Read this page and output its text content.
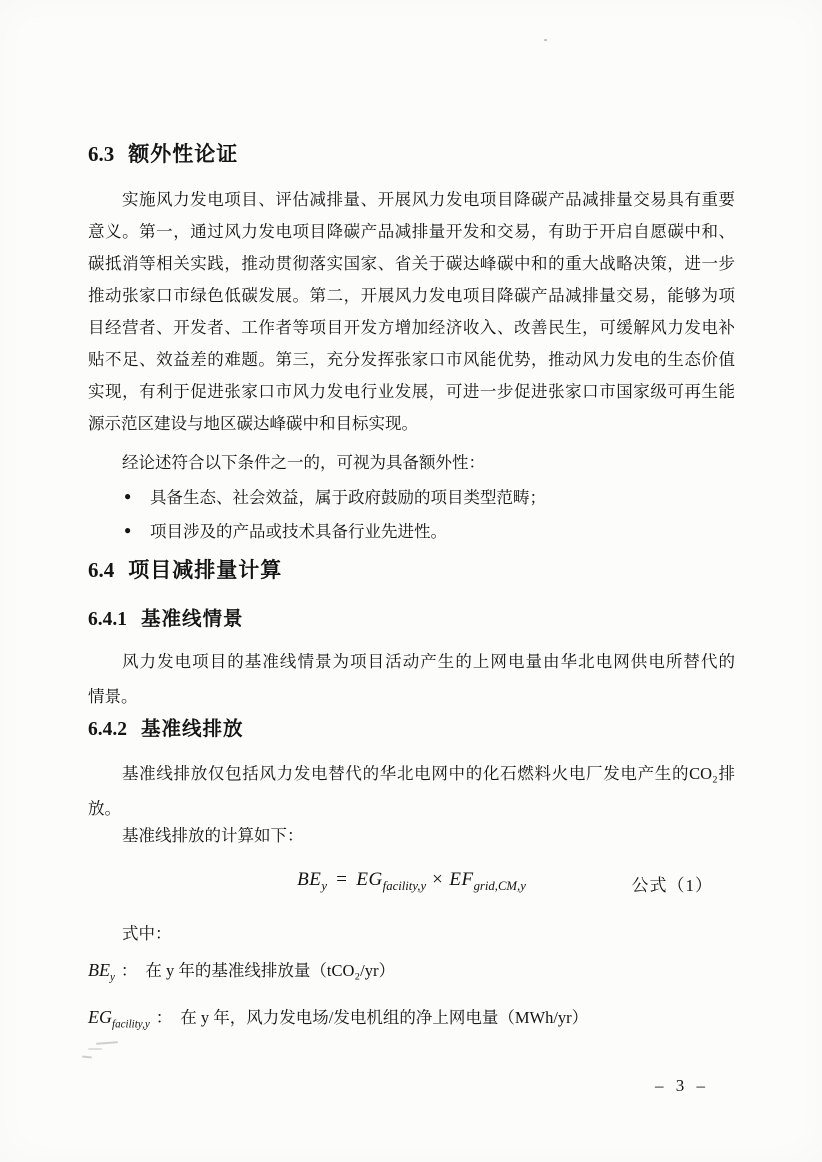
6.3 额外性论证
实施风力发电项目、评估减排量、开展风力发电项目降碳产品减排量交易具有重要
意义。第一，通过风力发电项目降碳产品减排量开发和交易，有助于开启自愿碳中和、
碳抵消等相关实践，推动贯彻落实国家、省关于碳达峰碳中和的重大战略决策，进一步
推动张家口市绿色低碳发展。第二，开展风力发电项目降碳产品减排量交易，能够为项
目经营者、开发者、工作者等项目开发方增加经济收入、改善民生，可缓解风力发电补
贴不足、效益差的难题。第三，充分发挥张家口市风能优势，推动风力发电的生态价值
实现，有利于促进张家口市风力发电行业发展，可进一步促进张家口市国家级可再生能
源示范区建设与地区碳达峰碳中和目标实现。
经论述符合以下条件之一的，可视为具备额外性：
●	具备生态、社会效益，属于政府鼓励的项目类型范畴；
●	项目涉及的产品或技术具备行业先进性。
6.4 项目减排量计算
6.4.1 基准线情景
风力发电项目的基准线情景为项目活动产生的上网电量由华北电网供电所替代的
情景。
6.4.2 基准线排放
基准线排放仅包括风力发电替代的华北电网中的化石燃料火电厂发电产生的CO₂排
放。
基准线排放的计算如下：
$BE_y = EG_{facility,y} \times EF_{grid,CM,y}$	公式（1）
式中：
$BE_y$ ： 在 y 年的基准线排放量（tCO₂/yr）
$EG_{facility,y}$ ： 在 y 年，风力发电场/发电机组的净上网电量（MWh/yr）
– 3 –
